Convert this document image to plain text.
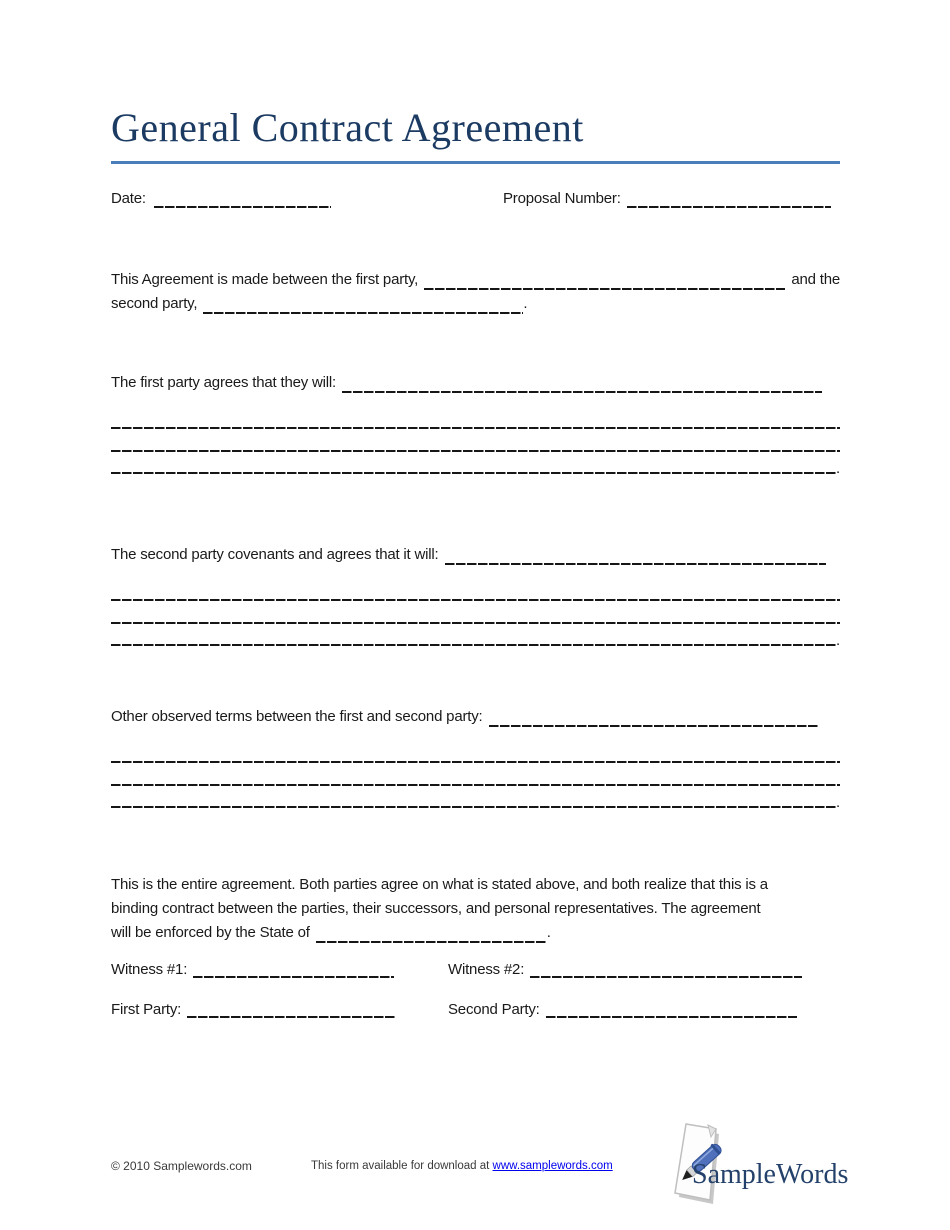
General Contract Agreement
Date:	Proposal Number:
This Agreement is made between the first party,	and the
second party,	.
The first party agrees that they will:
.
The second party covenants and agrees that it will:
.
Other observed terms between the first and second party:
.
This is the entire agreement. Both parties agree on what is stated above, and both realize that this is a
binding contract between the parties, their successors, and personal representatives. The agreement
will be enforced by the State of	.
Witness #1:	Witness #2:
First Party:	Second Party:
© 2010 Samplewords.com	This form available for download at www.samplewords.com	SampleWords
